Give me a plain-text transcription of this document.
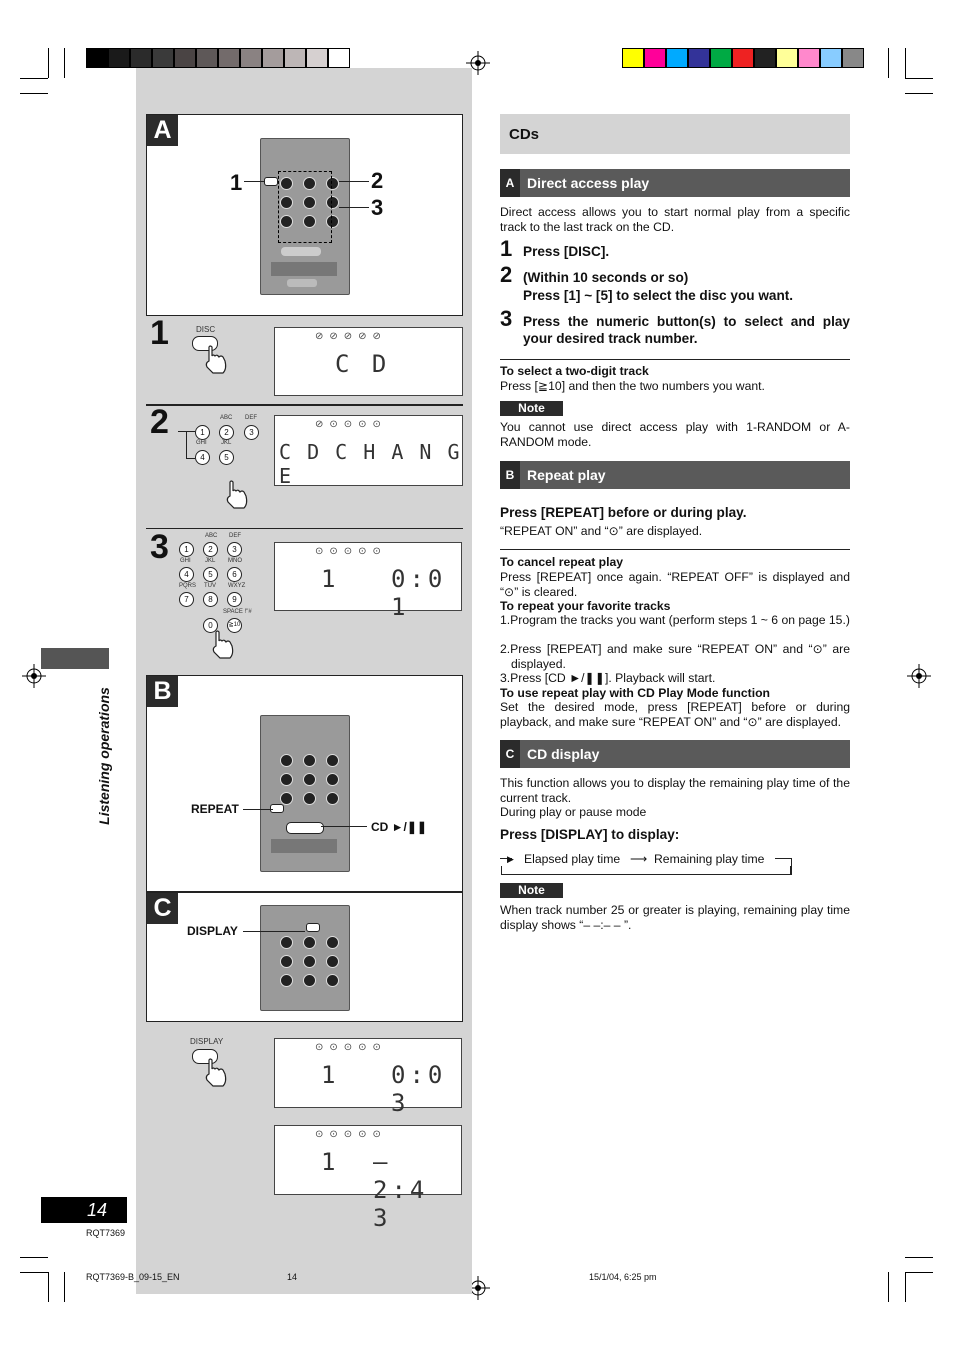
A
1	2
3
1	DISC
⊘⊘⊘⊘⊘
C D
2	1	2	3
4	5
ABC DEF
GHI JKL
⊘⊙⊙⊙⊙
C D C H A N G E
3	1	2	3
4	5	6
7	8	9
0	≧10
ABC DEF
GHI JKL MNO
PQRS TUV WXYZ
SPACE !"#
⊙⊙⊙⊙⊙
1 0:0 1
B
REPEAT
CD ►/❚❚
C
DISPLAY
DISPLAY
⊙⊙⊙⊙⊙
1 0:0 3
⊙⊙⊙⊙⊙
1 – 2:4 3
Listening operations
14
RQT7369
RQT7369-B_09-15_EN	14	15/1/04, 6:25 pm
CDs
A Direct access play
Direct access allows you to start normal play from a specific track to the last track on the CD.
1 Press [DISC].
2 (Within 10 seconds or so)
Press [1] ~ [5] to select the disc you want.
3 Press the numeric button(s) to select and play your desired track number.
To select a two-digit track
Press [≧10] and then the two numbers you want.
Note
You cannot use direct access play with 1-RANDOM or A-RANDOM mode.
B Repeat play
Press [REPEAT] before or during play.
“REPEAT ON” and “⊙” are displayed.
To cancel repeat play
Press [REPEAT] once again. “REPEAT OFF” is displayed and “⊙” is cleared.
To repeat your favorite tracks
1.Program the tracks you want (perform steps 1 ~ 6 on page 15.)
2.Press [REPEAT] and make sure “REPEAT ON” and “⊙” are displayed.
3.Press [CD ►/❚❚]. Playback will start.
To use repeat play with CD Play Mode function
Set the desired mode, press [REPEAT] before or during playback, and make sure “REPEAT ON” and “⊙” are displayed.
C CD display
This function allows you to display the remaining play time of the current track.
During play or pause mode
Press [DISPLAY] to display:
▶ Elapsed play time ⟶ Remaining play time
Note
When track number 25 or greater is playing, remaining play time display shows “– –:– – ”.
